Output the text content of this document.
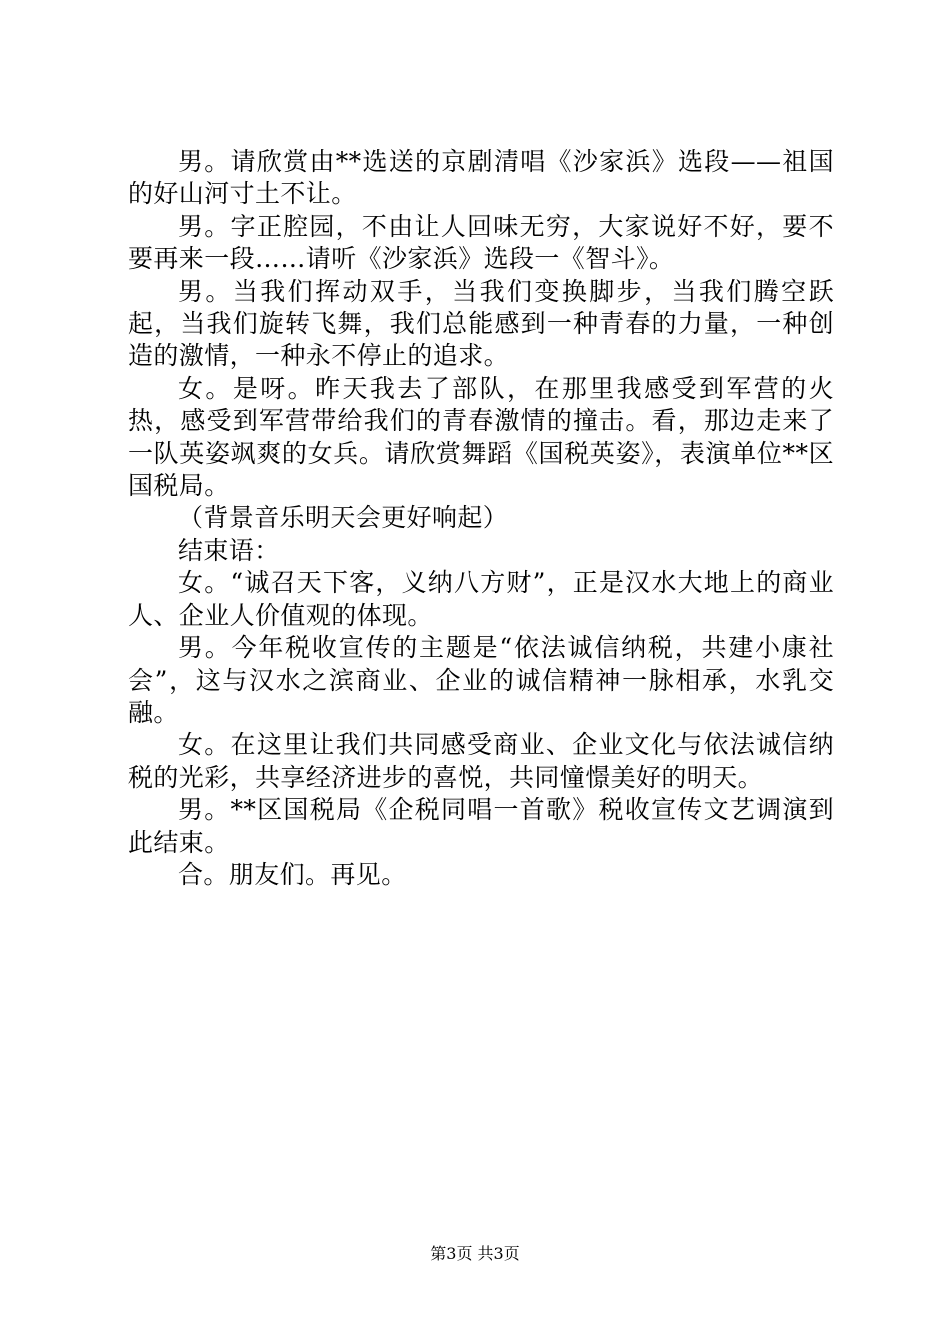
男。请欣赏由**选送的京剧清唱《沙家浜》选段——祖国的好山河寸土不让。

男。字正腔园，不由让人回味无穷，大家说好不好，要不要再来一段……请听《沙家浜》选段一《智斗》。

男。当我们挥动双手，当我们变换脚步，当我们腾空跃起，当我们旋转飞舞，我们总能感到一种青春的力量，一种创造的激情，一种永不停止的追求。

女。是呀。昨天我去了部队，在那里我感受到军营的火热，感受到军营带给我们的青春激情的撞击。看，那边走来了一队英姿飒爽的女兵。请欣赏舞蹈《国税英姿》，表演单位**区国税局。

（背景音乐明天会更好响起）

结束语：

女。“诚召天下客，义纳八方财”，正是汉水大地上的商业人、企业人价值观的体现。

男。今年税收宣传的主题是“依法诚信纳税，共建小康社会”，这与汉水之滨商业、企业的诚信精神一脉相承，水乳交融。

女。在这里让我们共同感受商业、企业文化与依法诚信纳税的光彩，共享经济进步的喜悦，共同憧憬美好的明天。

男。**区国税局《企税同唱一首歌》税收宣传文艺调演到此结束。

合。朋友们。再见。

第3页 共3页
